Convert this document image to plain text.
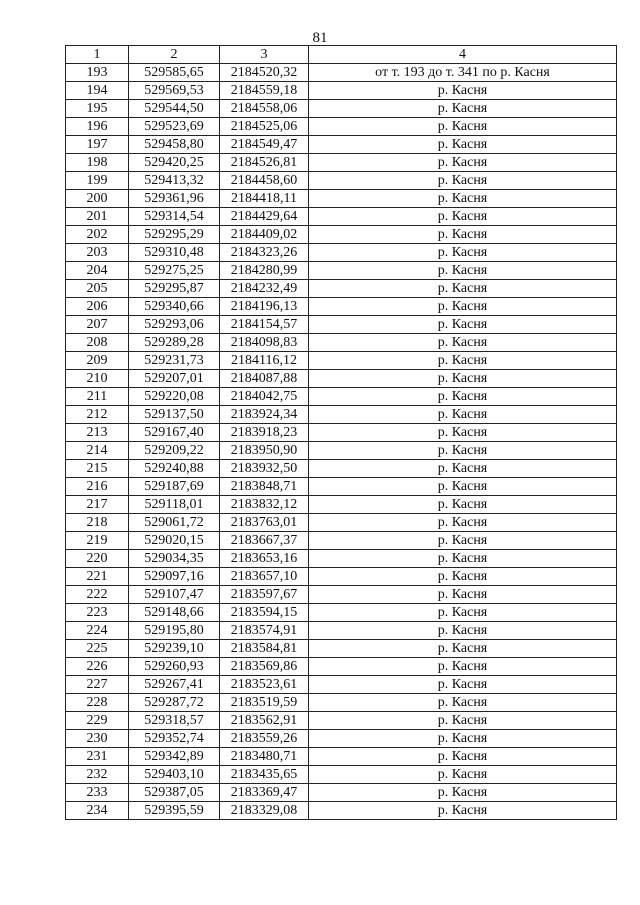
81
1	2	3	4
193	529585,65	2184520,32	от т. 193 до т. 341 по р. Касня
194	529569,53	2184559,18	р. Касня
195	529544,50	2184558,06	р. Касня
196	529523,69	2184525,06	р. Касня
197	529458,80	2184549,47	р. Касня
198	529420,25	2184526,81	р. Касня
199	529413,32	2184458,60	р. Касня
200	529361,96	2184418,11	р. Касня
201	529314,54	2184429,64	р. Касня
202	529295,29	2184409,02	р. Касня
203	529310,48	2184323,26	р. Касня
204	529275,25	2184280,99	р. Касня
205	529295,87	2184232,49	р. Касня
206	529340,66	2184196,13	р. Касня
207	529293,06	2184154,57	р. Касня
208	529289,28	2184098,83	р. Касня
209	529231,73	2184116,12	р. Касня
210	529207,01	2184087,88	р. Касня
211	529220,08	2184042,75	р. Касня
212	529137,50	2183924,34	р. Касня
213	529167,40	2183918,23	р. Касня
214	529209,22	2183950,90	р. Касня
215	529240,88	2183932,50	р. Касня
216	529187,69	2183848,71	р. Касня
217	529118,01	2183832,12	р. Касня
218	529061,72	2183763,01	р. Касня
219	529020,15	2183667,37	р. Касня
220	529034,35	2183653,16	р. Касня
221	529097,16	2183657,10	р. Касня
222	529107,47	2183597,67	р. Касня
223	529148,66	2183594,15	р. Касня
224	529195,80	2183574,91	р. Касня
225	529239,10	2183584,81	р. Касня
226	529260,93	2183569,86	р. Касня
227	529267,41	2183523,61	р. Касня
228	529287,72	2183519,59	р. Касня
229	529318,57	2183562,91	р. Касня
230	529352,74	2183559,26	р. Касня
231	529342,89	2183480,71	р. Касня
232	529403,10	2183435,65	р. Касня
233	529387,05	2183369,47	р. Касня
234	529395,59	2183329,08	р. Касня
